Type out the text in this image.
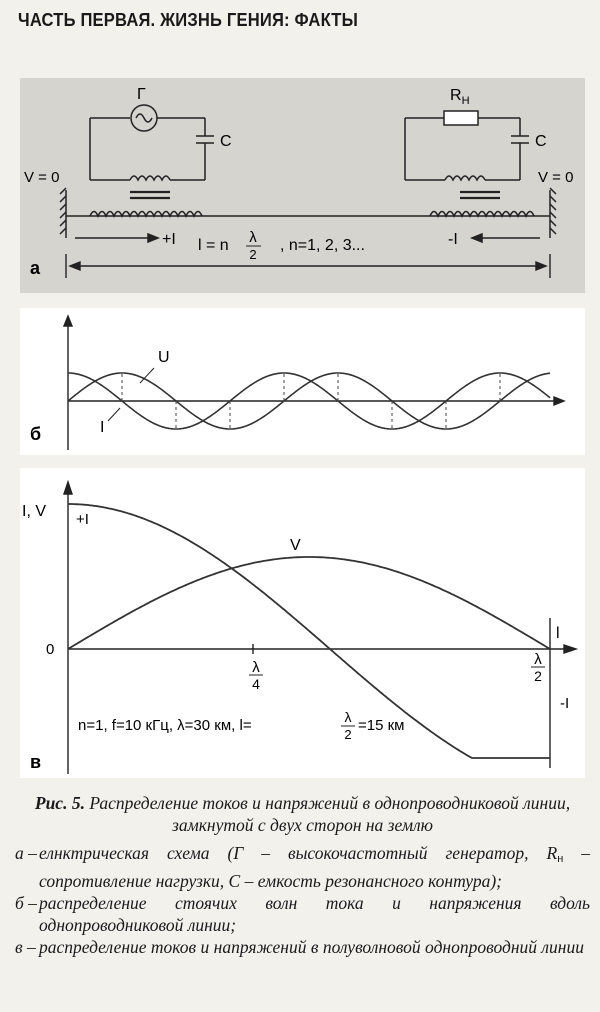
ЧАСТЬ ПЕРВАЯ. ЖИЗНЬ ГЕНИЯ: ФАКТЫ
Г
C	C
$R_H$
V = 0	V = 0
+I	-I
l = n	, n=1, 2, 3...
λ
2
а
U
I
б
I, V +I
0
V
l
-I
λ
4
λ
2
n=1, f=10 кГц, λ=30 км, l=	=15 км
λ
2
в

Рис. 5. Распределение токов и напряжений в однопроводниковой линии, замкнутой с двух сторон на землю

а – елнктрическая схема (Г – высокочастотный генератор, $R_н$ – сопротивление нагрузки, С – емкость резонансного контура);
б – распределение стоячих волн тока и напряжения вдоль однопроводниковой линии;
в – распределение токов и напряжений в полуволновой однопроводний линии
